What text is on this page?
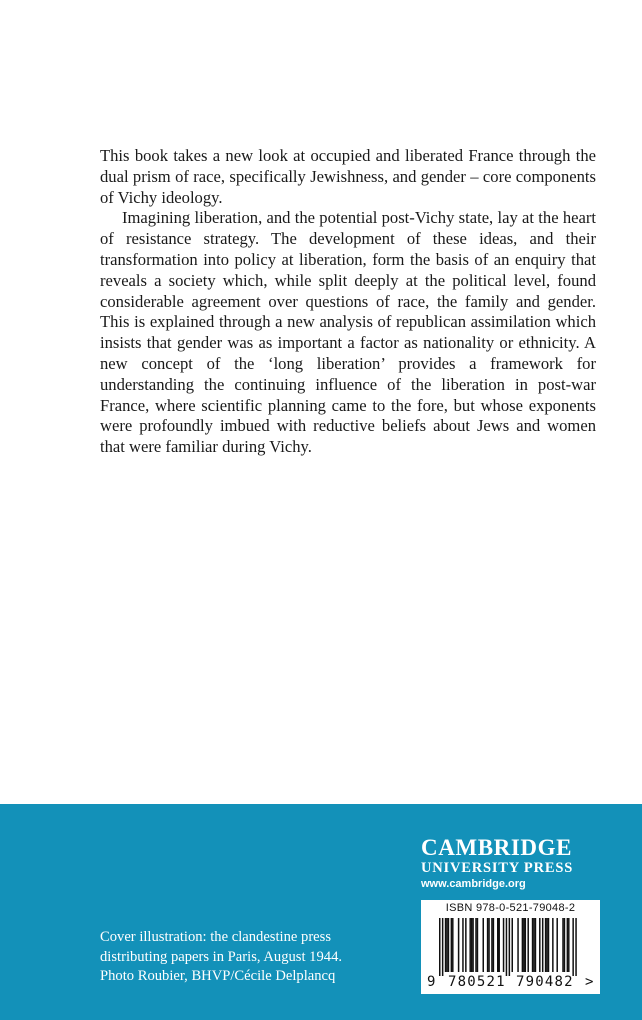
This book takes a new look at occupied and liberated France through the dual prism of race, specifically Jewishness, and gender – core components of Vichy ideology.

Imagining liberation, and the potential post-Vichy state, lay at the heart of resistance strategy. The development of these ideas, and their transformation into policy at liberation, form the basis of an enquiry that reveals a society which, while split deeply at the political level, found considerable agreement over questions of race, the family and gender. This is explained through a new analysis of republican assimilation which insists that gender was as important a factor as nationality or ethnicity. A new concept of the ‘long liberation’ provides a framework for understanding the continuing influence of the liberation in post-war France, where scientific planning came to the fore, but whose exponents were profoundly imbued with reductive beliefs about Jews and women that were familiar during Vichy.

CAMBRIDGE
UNIVERSITY PRESS
www.cambridge.org
ISBN 978-0-521-79048-2
9 780521 790482 >
Cover illustration: the clandestine press
distributing papers in Paris, August 1944.
Photo Roubier, BHVP/Cécile Delplancq
